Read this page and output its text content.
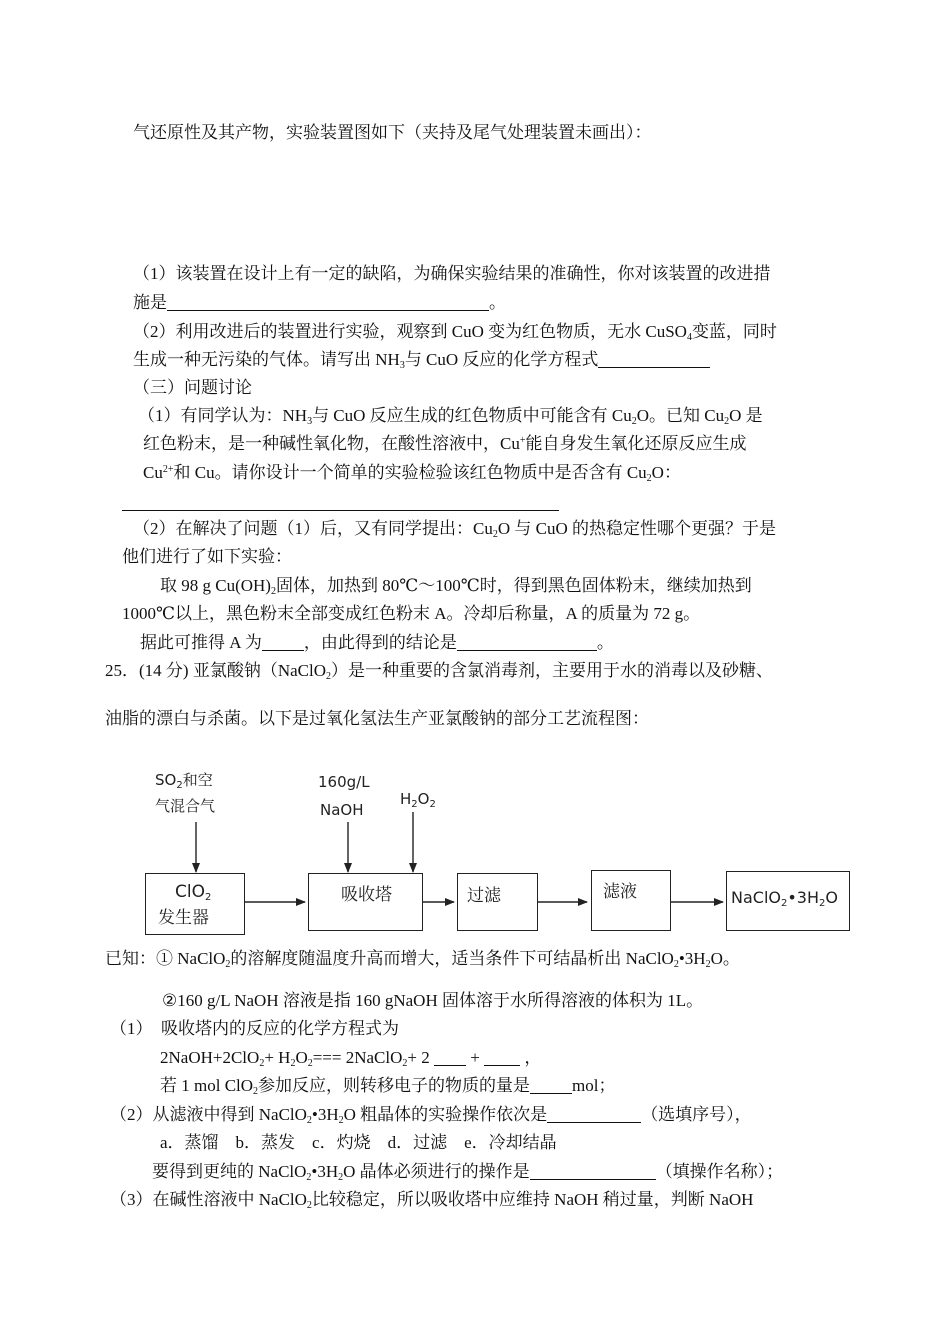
气还原性及其产物，实验装置图如下（夹持及尾气处理装置未画出）：
（1）该装置在设计上有一定的缺陷，为确保实验结果的准确性，你对该装置的改进措
施是	。
（2）利用改进后的装置进行实验，观察到 CuO 变为红色物质，无水 CuSO$_4$变蓝，同时
生成一种无污染的气体。请写出 $NH_3$与 CuO 反应的化学方程式
（三）问题讨论
（1）有同学认为：$NH_3$与 CuO 反应生成的红色物质中可能含有 $Cu_2O$。已知 $Cu_2O$ 是
红色粉末，是一种碱性氧化物，在酸性溶液中，Cu+能自身发生氧化还原反应生成
$Cu^{2+}$和 Cu。请你设计一个简单的实验检验该红色物质中是否含有 $Cu_2O$：
（2）在解决了问题（1）后，又有同学提出：$Cu_2O$ 与 CuO 的热稳定性哪个更强？于是
他们进行了如下实验：
取 98 g $Cu(OH)_2$固体，加热到 80℃～100℃时，得到黑色固体粉末，继续加热到
1000℃以上，黑色粉末全部变成红色粉末 A。冷却后称量，A 的质量为 72 g。
据此可推得 A 为 ，由此得到的结论是	。
25．(14 分) 亚氯酸钠（NaClO$_2$）是一种重要的含氯消毒剂，主要用于水的消毒以及砂糖、
油脂的漂白与杀菌。以下是过氧化氢法生产亚氯酸钠的部分工艺流程图：
$SO_2$和空
气混合气
160g/L
NaOH
$H_2O_2$
ClO$_2$
发生器
吸收塔	过滤	滤液	$NaClO_2•3H_2O$
已知：① NaClO$_2$的溶解度随温度升高而增大，适当条件下可结晶析出 $NaClO_2•3H_2O$。
②160 g/L NaOH 溶液是指 160 gNaOH 固体溶于水所得溶液的体积为 1L。
（1）　吸收塔内的反应的化学方程式为
2NaOH+2ClO$_2$+ $H_2O_2===$ 2NaClO$_2$+ 2 +	，
若 1 mol ClO$_2$参加反应，则转移电子的物质的量是 mol；
（2）从滤液中得到 $NaClO_2•3H_2O$ 粗晶体的实验操作依次是	（选填序号），
a．蒸馏　b．蒸发　c．灼烧　d．过滤　e．冷却结晶
要得到更纯的 $NaClO_2•3H_2O$ 晶体必须进行的操作是	（填操作名称）；
（3）在碱性溶液中 NaClO$_2$比较稳定，所以吸收塔中应维持 NaOH 稍过量，判断 NaOH
